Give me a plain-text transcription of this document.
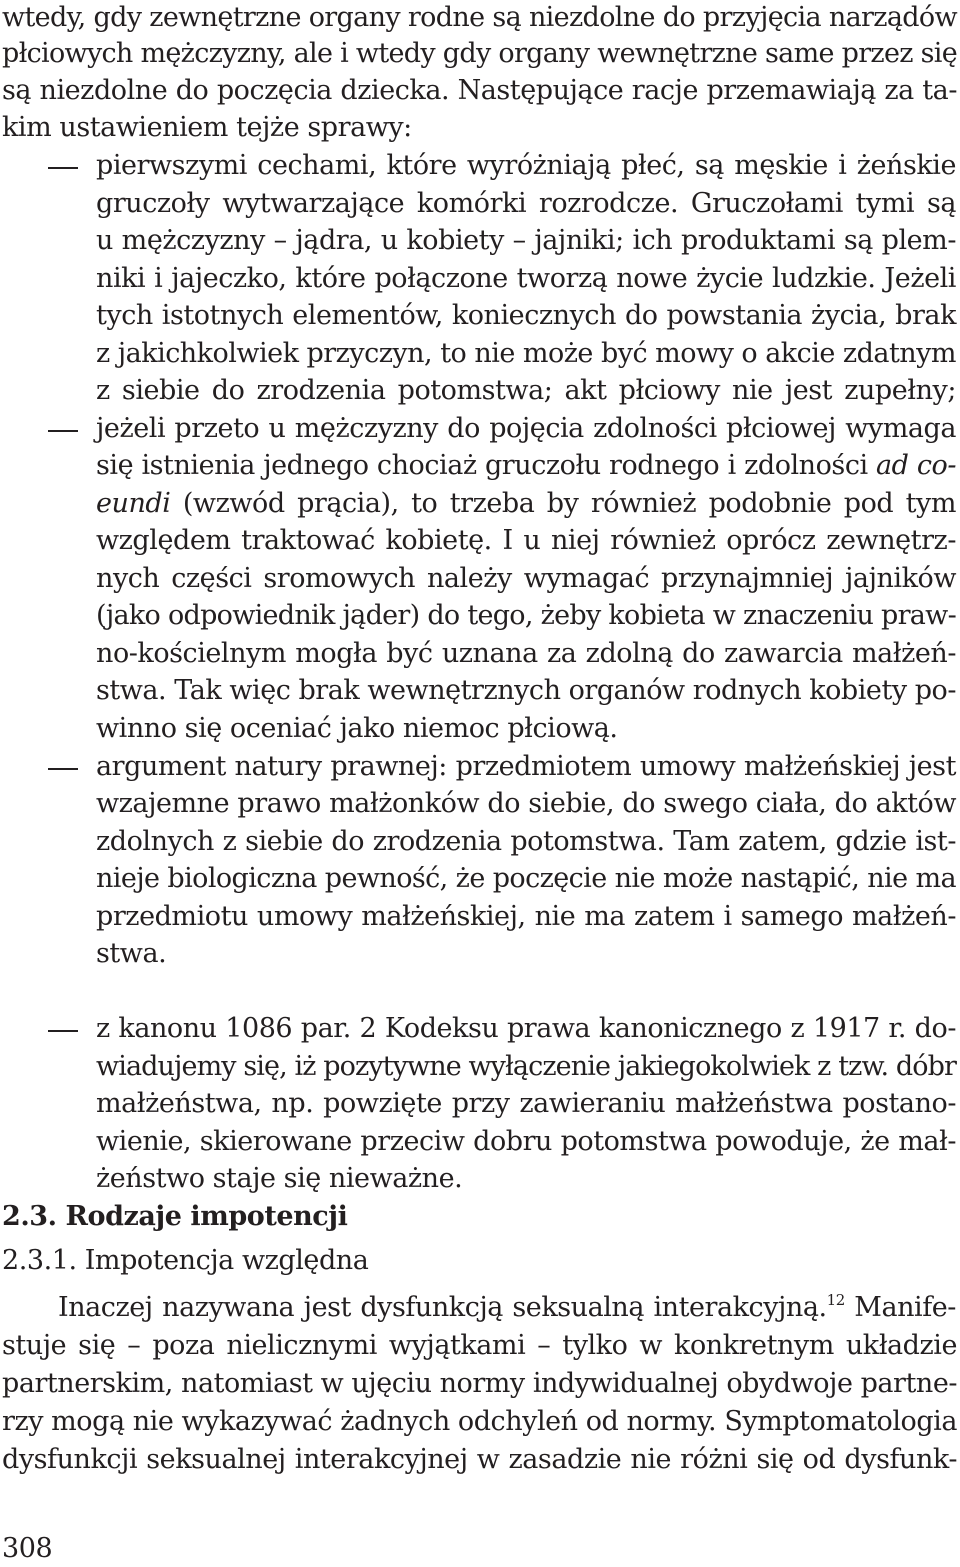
wtedy, gdy zewnętrzne organy rodne są niezdolne do przyjęcia narządów
płciowych mężczyzny, ale i wtedy gdy organy wewnętrzne same przez się
są niezdolne do poczęcia dziecka. Następujące racje przemawiają za ta-
kim ustawieniem tejże sprawy:
pierwszymi cechami, które wyróżniają płeć, są męskie i żeńskie
gruczoły wytwarzające komórki rozrodcze. Gruczołami tymi są
u mężczyzny – jądra, u kobiety – jajniki; ich produktami są plem-
niki i jajeczko, które połączone tworzą nowe życie ludzkie. Jeżeli
tych istotnych elementów, koniecznych do powstania życia, brak
z jakichkolwiek przyczyn, to nie może być mowy o akcie zdatnym
z siebie do zrodzenia potomstwa; akt płciowy nie jest zupełny;
jeżeli przeto u mężczyzny do pojęcia zdolności płciowej wymaga
się istnienia jednego chociaż gruczołu rodnego i zdolności ad co-
eundi (wzwód prącia), to trzeba by również podobnie pod tym
względem traktować kobietę. I u niej również oprócz zewnętrz-
nych części sromowych należy wymagać przynajmniej jajników
(jako odpowiednik jąder) do tego, żeby kobieta w znaczeniu praw-
no-kościelnym mogła być uznana za zdolną do zawarcia małżeń-
stwa. Tak więc brak wewnętrznych organów rodnych kobiety po-
winno się oceniać jako niemoc płciową.
argument natury prawnej: przedmiotem umowy małżeńskiej jest
wzajemne prawo małżonków do siebie, do swego ciała, do aktów
zdolnych z siebie do zrodzenia potomstwa. Tam zatem, gdzie ist-
nieje biologiczna pewność, że poczęcie nie może nastąpić, nie ma
przedmiotu umowy małżeńskiej, nie ma zatem i samego małżeń-
stwa.
z kanonu 1086 par. 2 Kodeksu prawa kanonicznego z 1917 r. do-
wiadujemy się, iż pozytywne wyłączenie jakiegokolwiek z tzw. dóbr
małżeństwa, np. powzięte przy zawieraniu małżeństwa postano-
wienie, skierowane przeciw dobru potomstwa powoduje, że mał-
żeństwo staje się nieważne.
2.3. Rodzaje impotencji
2.3.1. Impotencja względna
Inaczej nazywana jest dysfunkcją seksualną interakcyjną.$^{12}$ Manife-
stuje się – poza nielicznymi wyjątkami – tylko w konkretnym układzie
partnerskim, natomiast w ujęciu normy indywidualnej obydwoje partne-
rzy mogą nie wykazywać żadnych odchyleń od normy. Symptomatologia
dysfunkcji seksualnej interakcyjnej w zasadzie nie różni się od dysfunk-
308
